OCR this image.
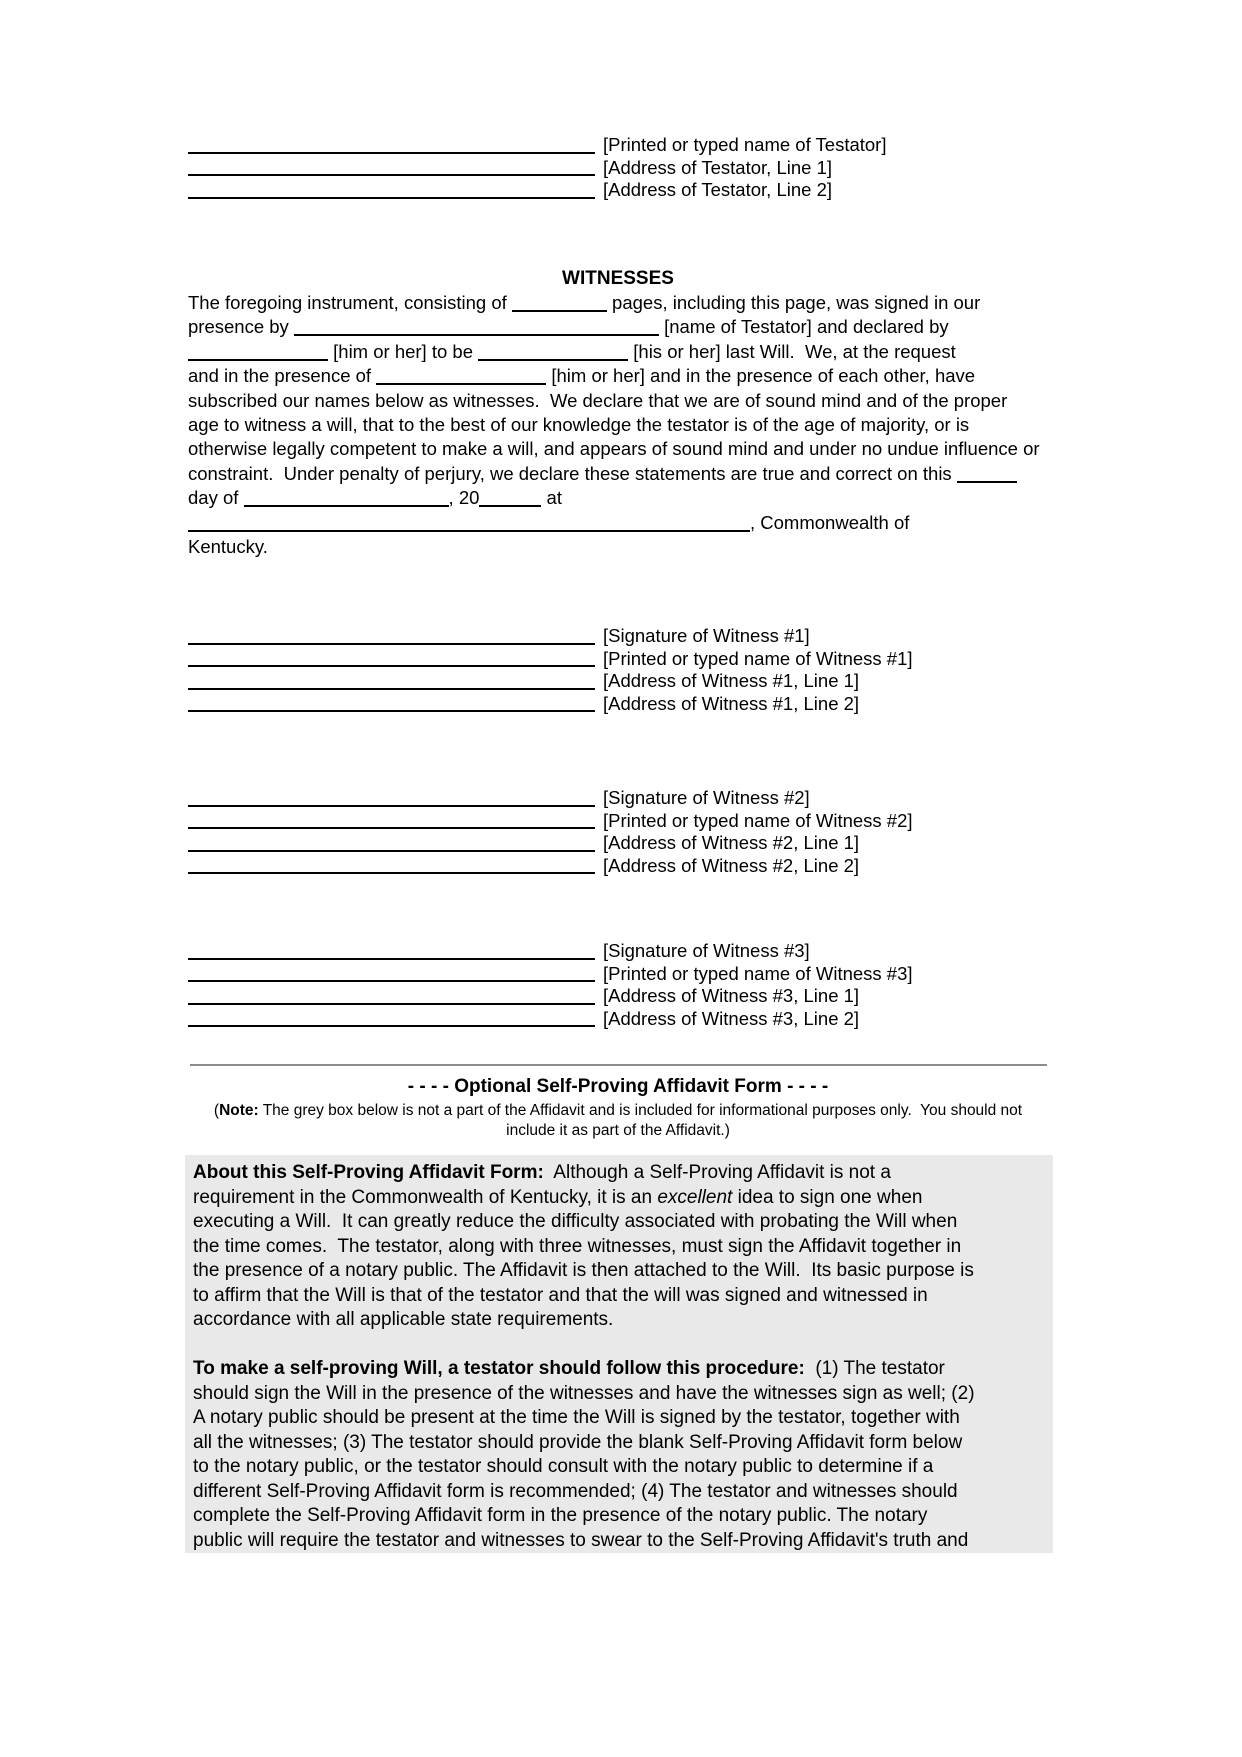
[Printed or typed name of Testator]
[Address of Testator, Line 1]
[Address of Testator, Line 2]
WITNESSES
The foregoing instrument, consisting of	pages, including this page, was signed in our
presence by	[name of Testator] and declared by
[him or her] to be	[his or her] last Will.  We, at the request
and in the presence of	[him or her] and in the presence of each other, have
subscribed our names below as witnesses.  We declare that we are of sound mind and of the proper
age to witness a will, that to the best of our knowledge the testator is of the age of majority, or is
otherwise legally competent to make a will, and appears of sound mind and under no undue influence or
constraint.  Under penalty of perjury, we declare these statements are true and correct on this
day of	, 20	at
, Commonwealth of
Kentucky.
[Signature of Witness #1]
[Printed or typed name of Witness #1]
[Address of Witness #1, Line 1]
[Address of Witness #1, Line 2]
[Signature of Witness #2]
[Printed or typed name of Witness #2]
[Address of Witness #2, Line 1]
[Address of Witness #2, Line 2]
[Signature of Witness #3]
[Printed or typed name of Witness #3]
[Address of Witness #3, Line 1]
[Address of Witness #3, Line 2]
- - - - Optional Self-Proving Affidavit Form - - - -
(Note: The grey box below is not a part of the Affidavit and is included for informational purposes only.  You should not
include it as part of the Affidavit.)
About this Self-Proving Affidavit Form:  Although a Self-Proving Affidavit is not a
requirement in the Commonwealth of Kentucky, it is an excellent idea to sign one when
executing a Will.  It can greatly reduce the difficulty associated with probating the Will when
the time comes.  The testator, along with three witnesses, must sign the Affidavit together in
the presence of a notary public. The Affidavit is then attached to the Will.  Its basic purpose is
to affirm that the Will is that of the testator and that the will was signed and witnessed in
accordance with all applicable state requirements.
To make a self-proving Will, a testator should follow this procedure:  (1) The testator
should sign the Will in the presence of the witnesses and have the witnesses sign as well; (2)
A notary public should be present at the time the Will is signed by the testator, together with
all the witnesses; (3) The testator should provide the blank Self-Proving Affidavit form below
to the notary public, or the testator should consult with the notary public to determine if a
different Self-Proving Affidavit form is recommended; (4) The testator and witnesses should
complete the Self-Proving Affidavit form in the presence of the notary public. The notary
public will require the testator and witnesses to swear to the Self-Proving Affidavit's truth and
